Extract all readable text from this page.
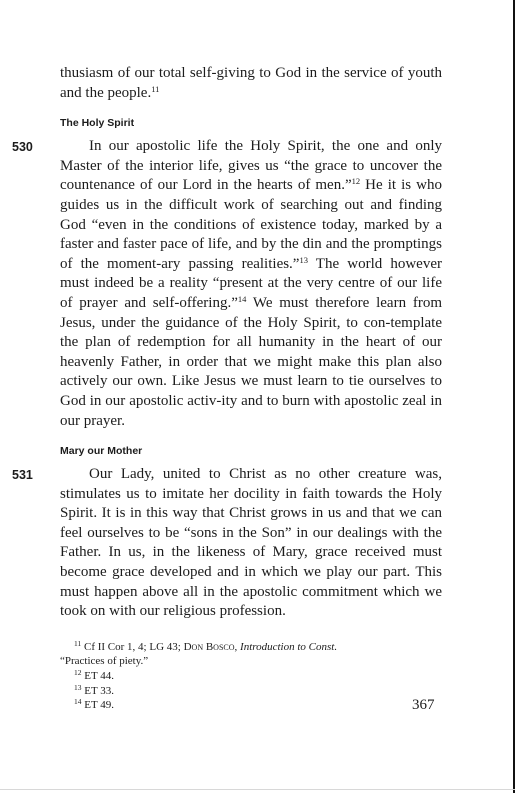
thusiasm of our total self-giving to God in the service of youth and the people.$^{11}$

The Holy Spirit

530	In our apostolic life the Holy Spirit, the one and only Master of the interior life, gives us “the grace to uncover the countenance of our Lord in the hearts of men.”$^{12}$ He it is who guides us in the difficult work of searching out and finding God “even in the conditions of existence today, marked by a faster and faster pace of life, and by the din and the promptings of the moment-ary passing realities.”$^{13}$ The world however must indeed be a reality “present at the very centre of our life of prayer and self-offering.”$^{14}$ We must therefore learn from Jesus, under the guidance of the Holy Spirit, to con-template the plan of redemption for all humanity in the heart of our heavenly Father, in order that we might make this plan also actively our own. Like Jesus we must learn to tie ourselves to God in our apostolic activ-ity and to burn with apostolic zeal in our prayer.

Mary our Mother

531	Our Lady, united to Christ as no other creature was, stimulates us to imitate her docility in faith towards the Holy Spirit. It is in this way that Christ grows in us and that we can feel ourselves to be “sons in the Son” in our dealings with the Father. In us, in the likeness of Mary, grace received must become grace developed and in which we play our part. This must happen above all in the apostolic commitment which we took on with our religious profession.

$^{11}$ Cf II Cor 1, 4; LG 43; Don Bosco, Introduction to Const.
“Practices of piety.”

$^{12}$ ET 44.

$^{13}$ ET 33.

$^{14}$ ET 49.	367
